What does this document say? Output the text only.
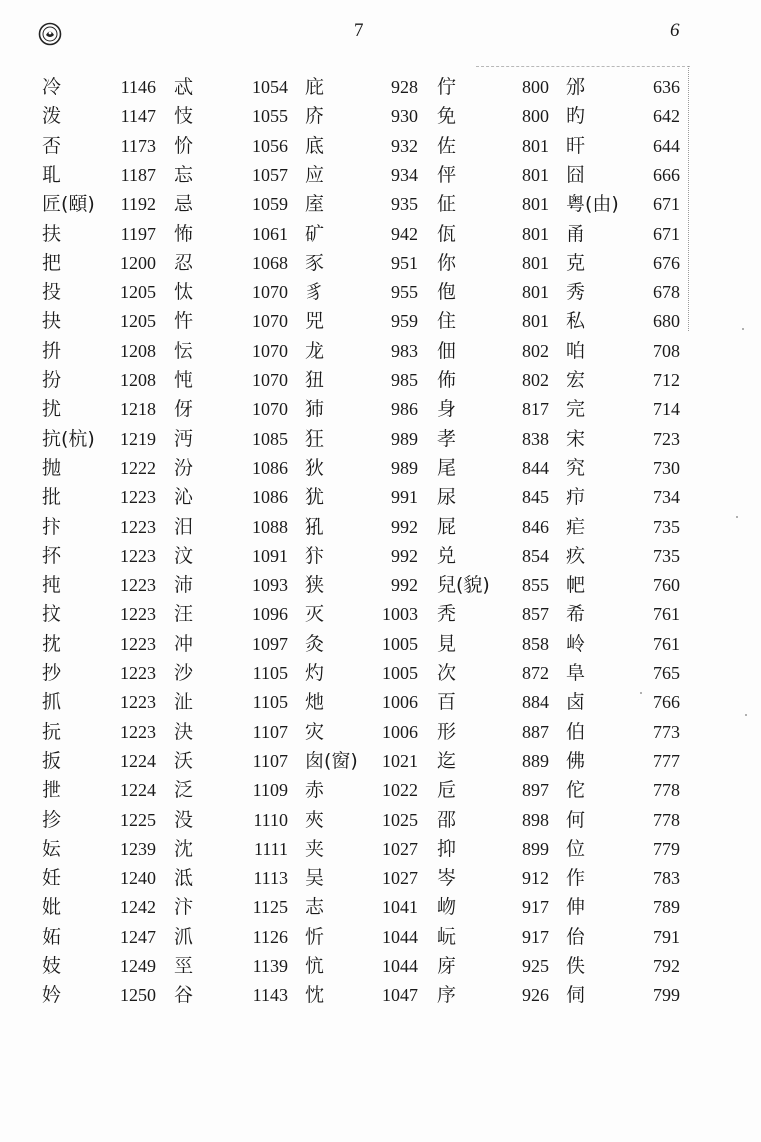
7	6
冷	1146 忒	1054 庇	928 佇	800 邠	636
泼	1147 忮	1055 庎	930 免	800 旳	642
否	1173 忦	1056 底	932 佐	801 旰	644
耴	1187 忘	1057 应	934 伻	801 囧	666
匠(頤)	1192 忌	1059 庢	935 佂	801 粤(由)	671
扶	1197 怖	1061 矿	942 佤	801 甬	671
把	1200 忍	1068 豕	951 你	801 克	676
投	1205 忲	1070 豸	955 佨	801 秀	678
抉	1205 忤	1070 兕	959 住	801 私	680
抍	1208 忶	1070 龙	983 佃	802 㕷	708
扮	1208 忳	1070 狃	985 佈	802 宏	712
扰	1218 伢	1070 犻	986 身	817 完	714
抗(杭)	1219 沔	1085 狂	989 孝	838 宋	723
抛	1222 汾	1086 狄	989 尾	844 究	730
批	1223 沁	1086 犹	991 尿	845 疖	734
抃	1223 汨	1088 犼	992 屁	846 疟	735
抔	1223 汶	1091 犿	992 兑	854 疚	735
扽	1223 沛	1093 狭	992 兒(貌)	855 帊	760
抆	1223 汪	1096 灭	1003 秃	857 希	761
抌	1223 冲	1097 灸	1005 見	858 岭	761
抄	1223 沙	1105 灼	1005 次	872 阜	765
抓	1223 沚	1105 灺	1006 百	884 卤	766
抏	1223 決	1107 灾	1006 形	887 伯	773
扳	1224 沃	1107 囱(窗)	1021 迄	889 佛	777
抴	1224 泛	1109 赤	1022 卮	897 佗	778
抮	1225 没	1110 夾	1025 邵	898 何	778
妘	1239 沈	1111 夹	1027 抑	899 位	779
妊	1240 泜	1113 吴	1027 岑	912 作	783
妣	1242 汴	1125 志	1041 岉	917 伸	789
妬	1247 沠	1126 忻	1044 岏	917 佁	791
妓	1249 巠	1139 忼	1044 庌	925 佚	792
妗	1250 谷	1143 忱	1047 序	926 伺	799
